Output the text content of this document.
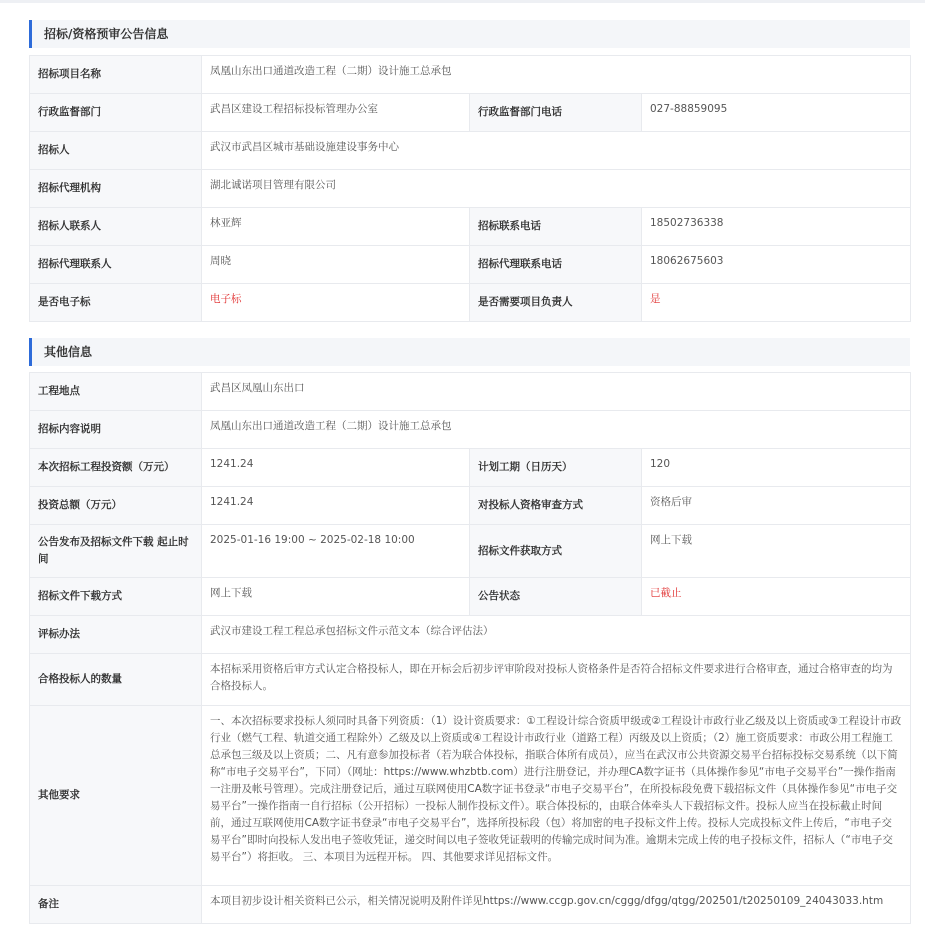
招标/资格预审公告信息
招标项目名称	凤凰山东出口通道改造工程（二期）设计施工总承包		
行政监督部门	武昌区建设工程招标投标管理办公室	行政监督部门电话	027-88859095
招标人	武汉市武昌区城市基础设施建设事务中心		
招标代理机构	湖北诚诺项目管理有限公司		
招标人联系人	林亚辉	招标联系电话	18502736338
招标代理联系人	周晓	招标代理联系电话	18062675603
是否电子标	电子标	是否需要项目负责人	是
其他信息
工程地点	武昌区凤凰山东出口		
招标内容说明	凤凰山东出口通道改造工程（二期）设计施工总承包		
本次招标工程投资额（万元）	1241.24	计划工期（日历天）	120
投资总额（万元）	1241.24	对投标人资格审查方式	资格后审
公告发布及招标文件下载 起止时间	2025-01-16 19:00 ~ 2025-02-18 10:00	招标文件获取方式	网上下载
招标文件下载方式	网上下载	公告状态	已截止
评标办法	武汉市建设工程工程总承包招标文件示范文本（综合评估法）		
合格投标人的数量	本招标采用资格后审方式认定合格投标人，即在开标会后初步评审阶段对投标人资格条件是否符合招标文件要求进行合格审查，通过合格审查的均为合格投标人。		
其他要求	一、本次招标要求投标人须同时具备下列资质：（1）设计资质要求：①工程设计综合资质甲级或②工程设计市政行业乙级及以上资质或③工程设计市政行业（燃气工程、轨道交通工程除外）乙级及以上资质或④工程设计市政行业（道路工程）丙级及以上资质；（2）施工资质要求：市政公用工程施工总承包三级及以上资质；二、凡有意参加投标者（若为联合体投标，指联合体所有成员），应当在武汉市公共资源交易平台招标投标交易系统（以下简称“市电子交易平台”，下同）（网址：https://www.whzbtb.com）进行注册登记，并办理CA数字证书（具体操作参见“市电子交易平台”一操作指南一注册及帐号管理）。完成注册登记后，通过互联网使用CA数字证书登录“市电子交易平台”，在所投标段免费下载招标文件（具体操作参见“市电子交易平台”一操作指南一自行招标（公开招标）一投标人制作投标文件）。联合体投标的，由联合体牵头人下载招标文件。投标人应当在投标截止时间前，通过互联网使用CA数字证书登录“市电子交易平台”，选择所投标段（包）将加密的电子投标文件上传。投标人完成投标文件上传后，“市电子交易平台”即时向投标人发出电子签收凭证，递交时间以电子签收凭证载明的传输完成时间为准。逾期未完成上传的电子投标文件，招标人（“市电子交易平台”）将拒收。 三、本项目为远程开标。 四、其他要求详见招标文件。		
备注	本项目初步设计相关资料已公示，相关情况说明及附件详见https://www.ccgp.gov.cn/cggg/dfgg/qtgg/202501/t20250109_24043033.htm		
